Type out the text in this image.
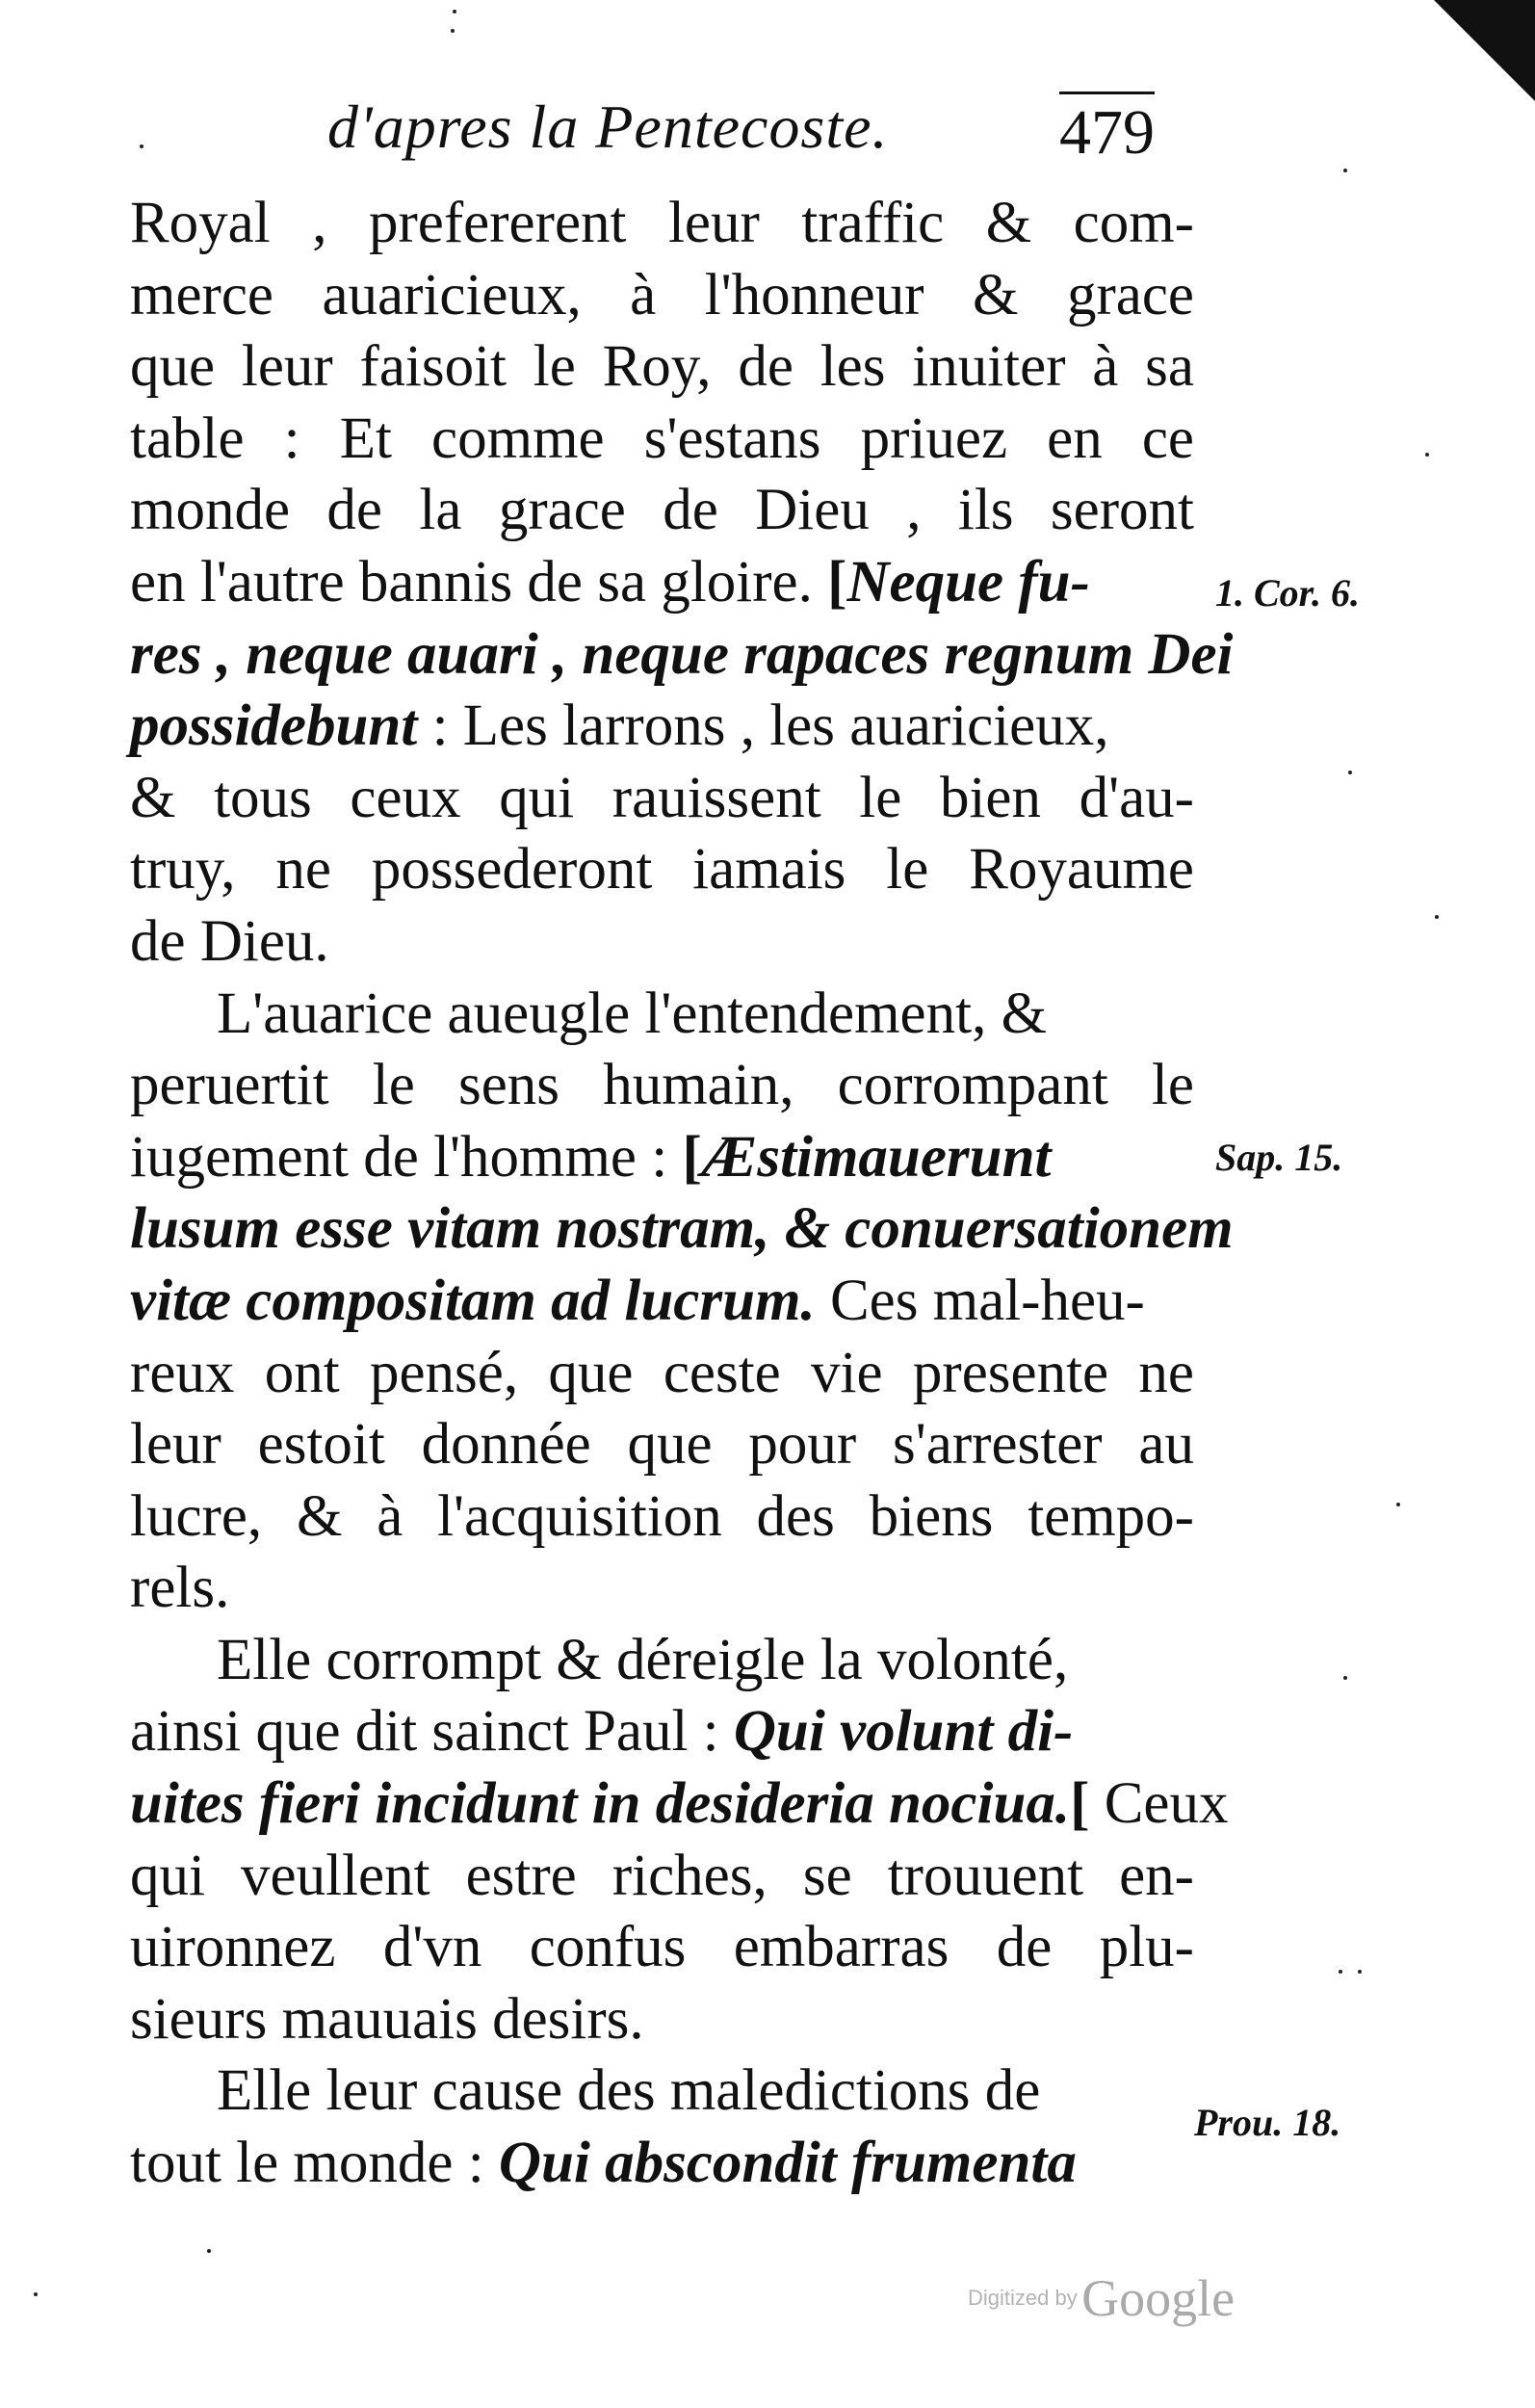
d'apres la Pentecoste.	479
Royal , prefererent leur traffic & com-
merce auaricieux, à l'honneur & grace
que leur faisoit le Roy, de les inuiter à sa
table : Et comme s'estans priuez en ce
monde de la grace de Dieu , ils seront
en l'autre bannis de sa gloire. [Neque fu-
res , neque auari , neque rapaces regnum Dei
possidebunt : Les larrons , les auaricieux,
& tous ceux qui rauissent le bien d'au-
truy, ne possederont iamais le Royaume
de Dieu.
L'auarice aueugle l'entendement, &
peruertit le sens humain, corrompant le
iugement de l'homme : [Æstimauerunt
lusum esse vitam nostram, & conuersationem
vitæ compositam ad lucrum. Ces mal-heu-
reux ont pensé, que ceste vie presente ne
leur estoit donnée que pour s'arrester au
lucre, & à l'acquisition des biens tempo-
rels.
Elle corrompt & déreigle la volonté,
ainsi que dit sainct Paul : Qui volunt di-
uites fieri incidunt in desideria nociua.[ Ceux
qui veullent estre riches, se trouuent en-
uironnez d'vn confus embarras de plu-
sieurs mauuais desirs.
Elle leur cause des maledictions de
tout le monde : Qui abscondit frumenta
1. Cor. 6.
Sap. 15.
Prou. 18.
Digitized by Google
